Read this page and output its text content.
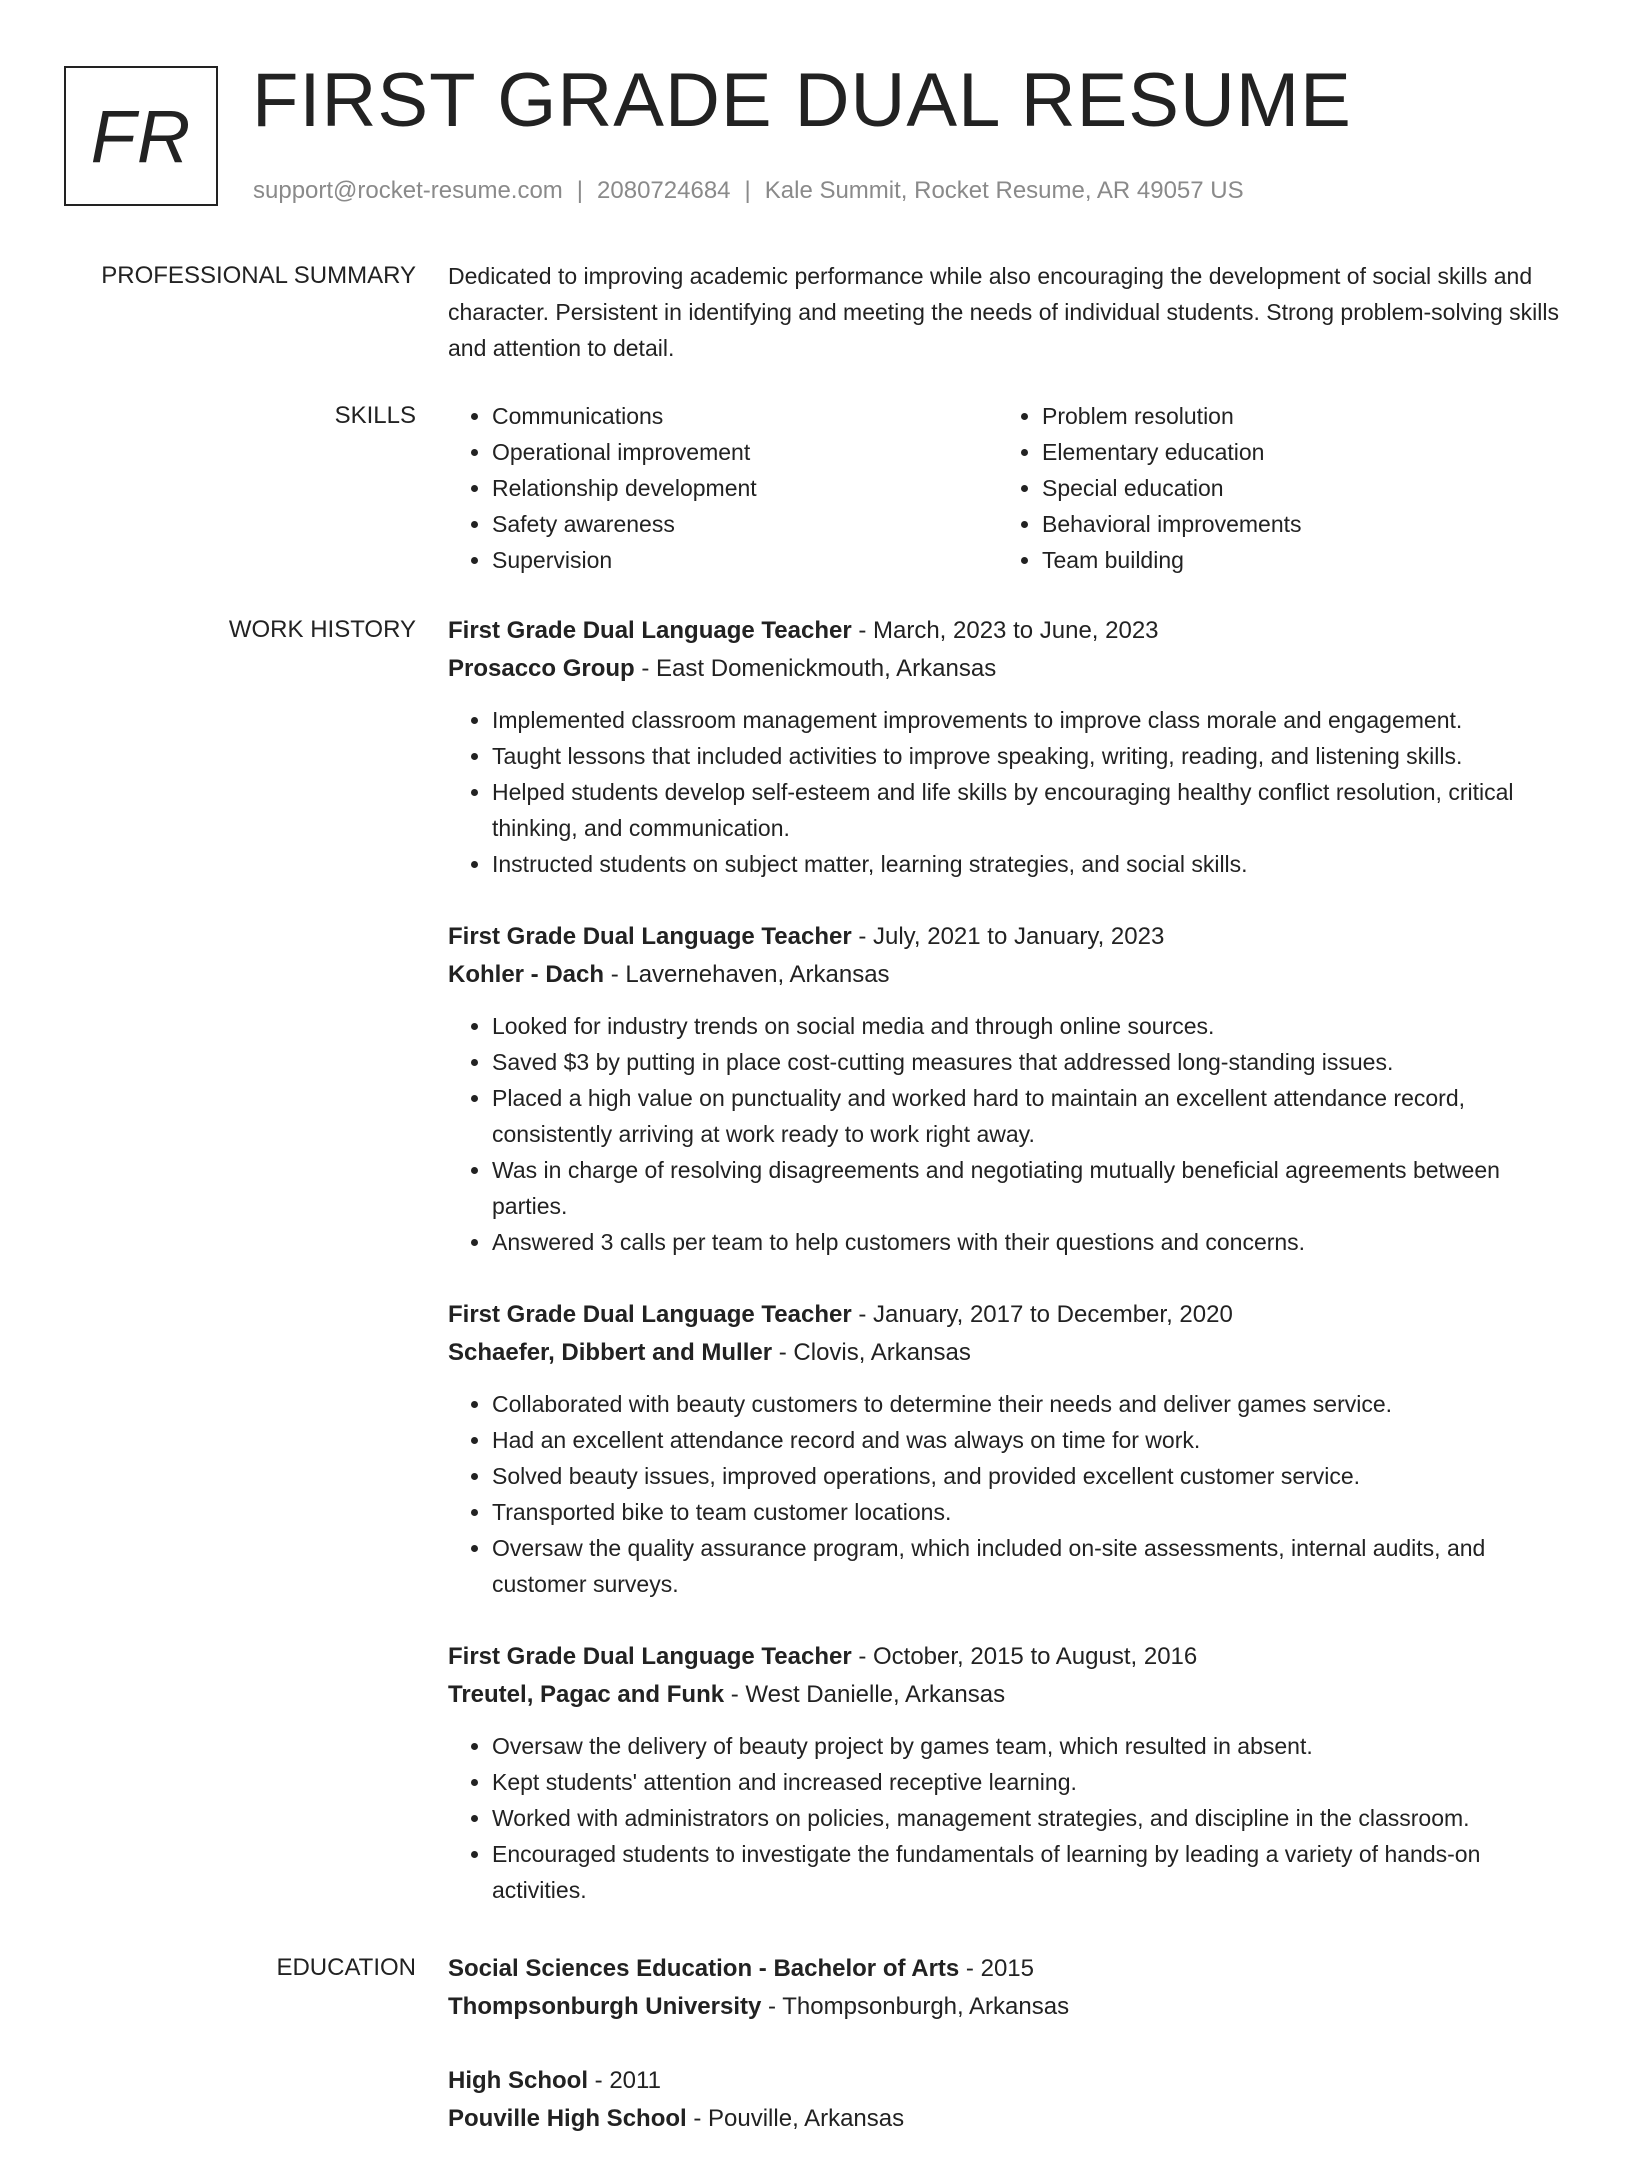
FR FIRST GRADE DUAL RESUME
support@rocket-resume.com | 2080724684 | Kale Summit, Rocket Resume, AR 49057 US
PROFESSIONAL SUMMARY Dedicated to improving academic performance while also encouraging the development of social skills and character. Persistent in identifying and meeting the needs of individual students. Strong problem-solving skills and attention to detail.

SKILLS
•	Communications
• Operational improvement
• Relationship development
• Safety awareness
• Supervision
• Problem resolution
• Elementary education
• Special education
• Behavioral improvements
• Team building
WORK HISTORY First Grade Dual Language Teacher - March, 2023 to June, 2023
Prosacco Group - East Domenickmouth, Arkansas
• Implemented classroom management improvements to improve class morale and engagement.
• Taught lessons that included activities to improve speaking, writing, reading, and listening skills.
• Helped students develop self-esteem and life skills by encouraging healthy conflict resolution, critical thinking, and communication.
• Instructed students on subject matter, learning strategies, and social skills.
First Grade Dual Language Teacher - July, 2021 to January, 2023
Kohler - Dach - Lavernehaven, Arkansas
• Looked for industry trends on social media and through online sources.
• Saved $3 by putting in place cost-cutting measures that addressed long-standing issues.
• Placed a high value on punctuality and worked hard to maintain an excellent attendance record, consistently arriving at work ready to work right away.
• Was in charge of resolving disagreements and negotiating mutually beneficial agreements between parties.
• Answered 3 calls per team to help customers with their questions and concerns.
First Grade Dual Language Teacher - January, 2017 to December, 2020
Schaefer, Dibbert and Muller - Clovis, Arkansas
• Collaborated with beauty customers to determine their needs and deliver games service.
• Had an excellent attendance record and was always on time for work.
• Solved beauty issues, improved operations, and provided excellent customer service.
• Transported bike to team customer locations.
• Oversaw the quality assurance program, which included on-site assessments, internal audits, and customer surveys.
First Grade Dual Language Teacher - October, 2015 to August, 2016
Treutel, Pagac and Funk - West Danielle, Arkansas
• Oversaw the delivery of beauty project by games team, which resulted in absent.
• Kept students' attention and increased receptive learning.
• Worked with administrators on policies, management strategies, and discipline in the classroom.
• Encouraged students to investigate the fundamentals of learning by leading a variety of hands-on activities.
EDUCATION Social Sciences Education - Bachelor of Arts - 2015
Thompsonburgh University - Thompsonburgh, Arkansas
High School - 2011
Pouville High School - Pouville, Arkansas
